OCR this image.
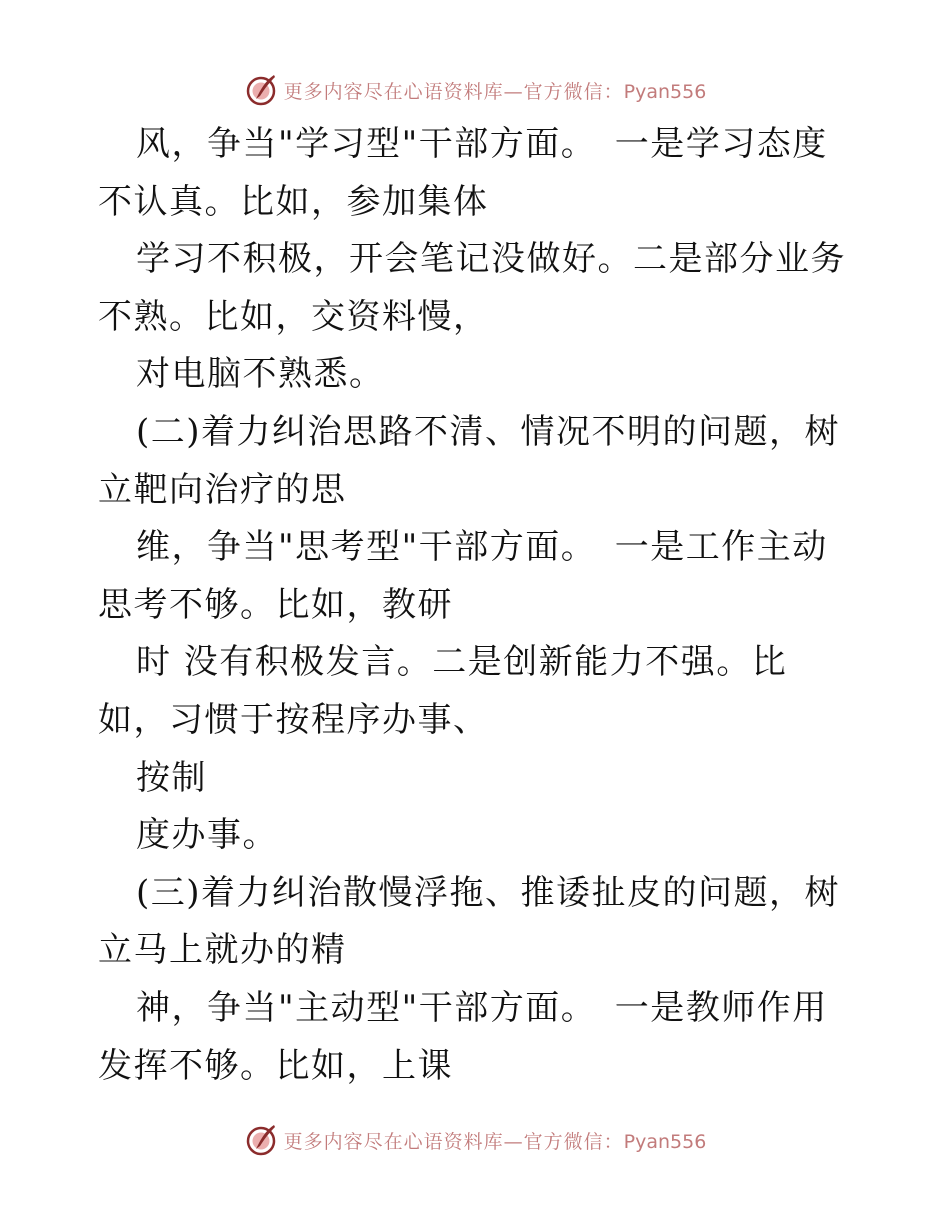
更多内容尽在心语资料库—官方微信：Pyan556

风，争当"学习型"干部方面。　一是学习态度不认真。比如，参加集体

学习不积极，开会笔记没做好。二是部分业务不熟。比如，交资料慢，

对电脑不熟悉。

(二)着力纠治思路不清、情况不明的问题，树立靶向治疗的思

维，争当"思考型"干部方面。　一是工作主动思考不够。比如，教研

时 没有积极发言。二是创新能力不强。比如，习惯于按程序办事、

按制

度办事。

(三)着力纠治散慢浮拖、推诿扯皮的问题，树立马上就办的精

神，争当"主动型"干部方面。　一是教师作用发挥不够。比如，上课

更多内容尽在心语资料库—官方微信：Pyan556
